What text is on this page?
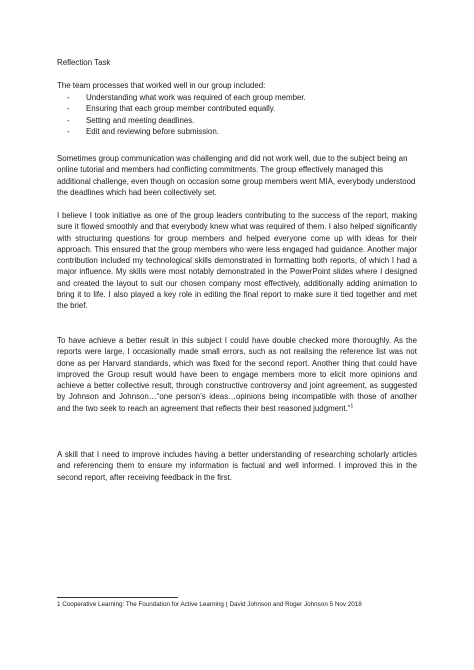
Reflection Task

The team processes that worked well in our group included:

- Understanding what work was required of each group member.
- Ensuring that each group member contributed equally.
- Setting and meeting deadlines.
- Edit and reviewing before submission.

Sometimes group communication was challenging and did not work well, due to the subject being an online tutorial and members had conflicting commitments. The group effectively managed this additional challenge, even though on occasion some group members went MIA, everybody understood the deadlines which had been collectively set.

I believe I took initiative as one of the group leaders contributing to the success of the report, making sure it flowed smoothly and that everybody knew what was required of them. I also helped significantly with structuring questions for group members and helped everyone come up with ideas for their approach. This ensured that the group members who were less engaged had guidance. Another major contribution included my technological skills demonstrated in formatting both reports, of which I had a major influence. My skills were most notably demonstrated in the PowerPoint slides where I designed and created the layout to suit our chosen company most effectively, additionally adding animation to bring it to life. I also played a key role in editing the final report to make sure it tied together and met the brief.

To have achieve a better result in this subject I could have double checked more thoroughly. As the reports were large, I occasionally made small errors, such as not realising the reference list was not done as per Harvard standards, which was fixed for the second report. Another thing that could have improved the Group result would have been to engage members more to elicit more opinions and achieve a better collective result, through constructive controversy and joint agreement, as suggested by Johnson and Johnson…“one person’s ideas…opinions being incompatible with those of another and the two seek to reach an agreement that reflects their best reasoned judgment.”$^1$

A skill that I need to improve includes having a better understanding of researching scholarly articles and referencing them to ensure my information is factual and well informed. I improved this in the second report, after receiving feedback in the first.

1 Cooperative Learning: The Foundation for Active Learning ( David Johnson and Roger Johnson 5 Nov 2018
